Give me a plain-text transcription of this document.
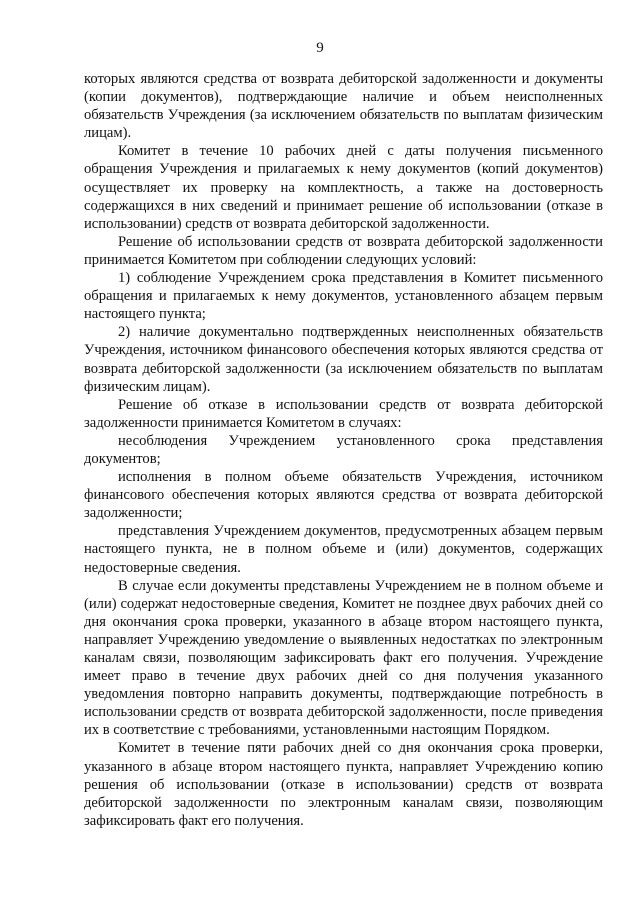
9

которых являются средства от возврата дебиторской задолженности и документы (копии документов), подтверждающие наличие и объем неисполненных обязательств Учреждения (за исключением обязательств по выплатам физическим лицам).

Комитет в течение 10 рабочих дней с даты получения письменного обращения Учреждения и прилагаемых к нему документов (копий документов) осуществляет их проверку на комплектность, а также на достоверность содержащихся в них сведений и принимает решение об использовании (отказе в использовании) средств от возврата дебиторской задолженности.

Решение об использовании средств от возврата дебиторской задолженности принимается Комитетом при соблюдении следующих условий:

1) соблюдение Учреждением срока представления в Комитет письменного обращения и прилагаемых к нему документов, установленного абзацем первым настоящего пункта;

2) наличие документально подтвержденных неисполненных обязательств Учреждения, источником финансового обеспечения которых являются средства от возврата дебиторской задолженности (за исключением обязательств по выплатам физическим лицам).

Решение об отказе в использовании средств от возврата дебиторской задолженности принимается Комитетом в случаях:

несоблюдения Учреждением установленного срока представления документов;

исполнения в полном объеме обязательств Учреждения, источником финансового обеспечения которых являются средства от возврата дебиторской задолженности;

представления Учреждением документов, предусмотренных абзацем первым настоящего пункта, не в полном объеме и (или) документов, содержащих недостоверные сведения.

В случае если документы представлены Учреждением не в полном объеме и (или) содержат недостоверные сведения, Комитет не позднее двух рабочих дней со дня окончания срока проверки, указанного в абзаце втором настоящего пункта, направляет Учреждению уведомление о выявленных недостатках по электронным каналам связи, позволяющим зафиксировать факт его получения. Учреждение имеет право в течение двух рабочих дней со дня получения указанного уведомления повторно направить документы, подтверждающие потребность в использовании средств от возврата дебиторской задолженности, после приведения их в соответствие с требованиями, установленными настоящим Порядком.

Комитет в течение пяти рабочих дней со дня окончания срока проверки, указанного в абзаце втором настоящего пункта, направляет Учреждению копию решения об использовании (отказе в использовании) средств от возврата дебиторской задолженности по электронным каналам связи, позволяющим зафиксировать факт его получения.
